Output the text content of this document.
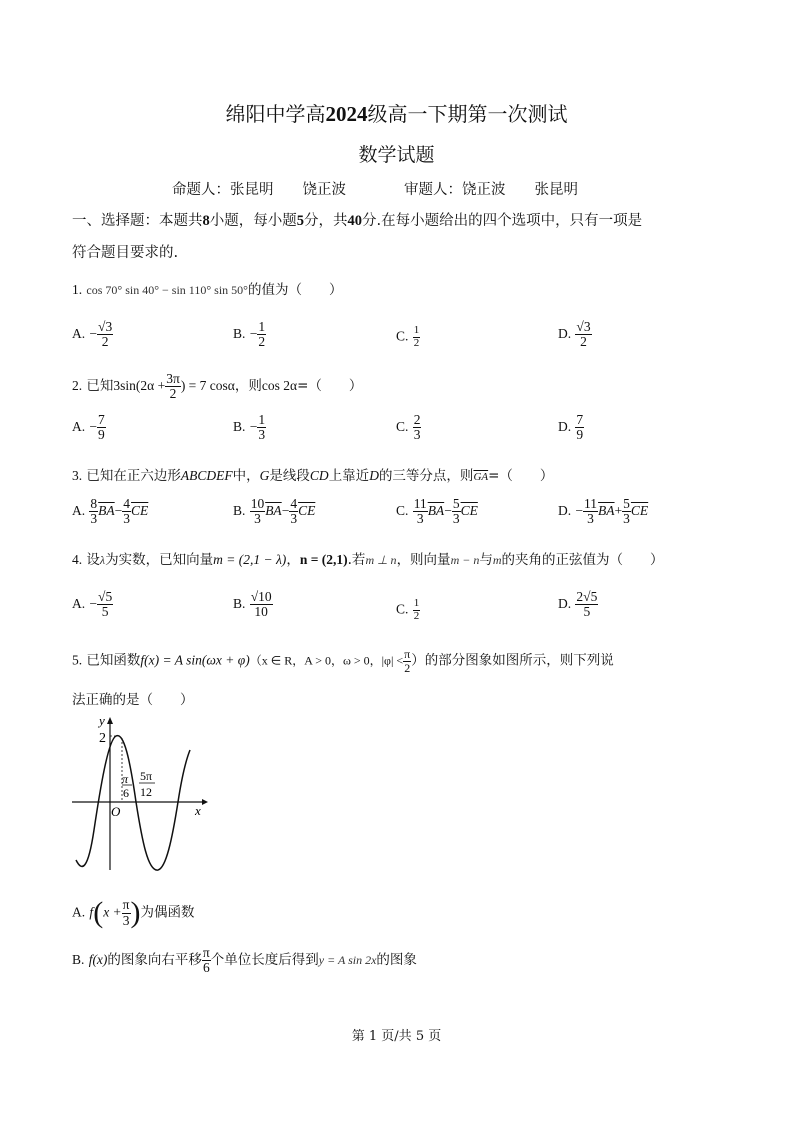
绵阳中学高2024级高一下期第一次测试
数学试题
命题人：张昆明　　饶正波　　　　审题人：饶正波　　张昆明
一、选择题：本题共8小题，每小题5分，共40分.在每小题给出的四个选项中，只有一项是
符合题目要求的.
1. cos 70° sin 40° − sin 110° sin 50°的值为（　　）
A. − $\frac{√3}{2}$	B. − $\frac{1}{2}$	C. $\frac{1}{2}$	D. $\frac{√3}{2}$
2. 已知$3\sin(2\alpha + \frac{3\pi}{2}$ ) = 7 cosα，则cos 2α=（　　）
A. − $\frac{7}{9}$	B. − $\frac{1}{3}$	C. $\frac{2}{3}$	D. $\frac{7}{9}$
3. 已知在正六边形ABCDEF中，G是线段CD上靠近D的三等分点，则$\overline{GA}=$（　　）
A. $\frac{8}{3} \overline{BA}- \frac{4}{3} \overline{CE}$	B. $\frac{10}{3} \overline{BA}- \frac{4}{3} \overline{CE}$	C. $\frac{11}{3} \overline{BA}- \frac{5}{3} \overline{CE}$	D. − $\frac{11}{3} \overline{BA}+ \frac{5}{3} \overline{CE}$
4. 设λ为实数，已知向量m = (2,1 − λ)，n = (2,1).若m ⊥ n，则向量m − n与m的夹角的正弦值为（　　）
A. − $\frac{√5}{5}$	B. $\frac{√10}{10}$	C. $\frac{1}{2}$	D. $\frac{2√5}{5}$
5. 已知函数f(x) = A sin(ωx + φ)（x ∈ R，A > 0，ω > 0，$|\varphi| < \frac{\pi}{2}$ ）的部分图象如图所示，则下列说
法正确的是（　　）
y
x
O
2
π
6
5π
12
A. $f(x + \frac{\pi}{3}$ )为偶函数
B. f(x)的图象向右平移 $\frac{\pi}{6}$ 个单位长度后得到y = A sin 2x的图象
第 1 页/共 5 页
